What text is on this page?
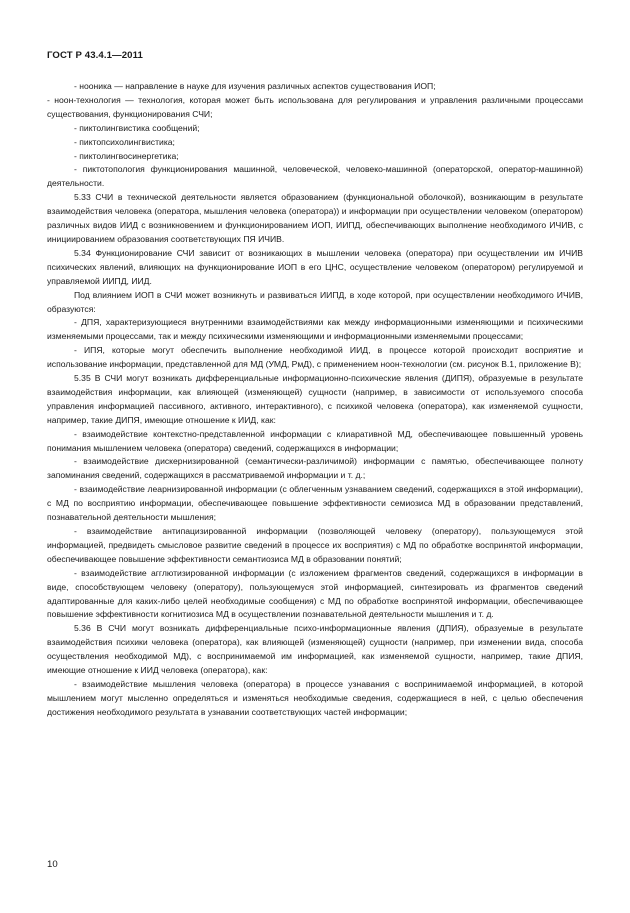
ГОСТ Р 43.4.1—2011

- нооника — направление в науке для изучения различных аспектов существования ИОП;

- ноон-технология — технология, которая может быть использована для регулирования и управления различными процессами существования, функционирования СЧИ;

- пиктолингвистика сообщений;

- пиктопсихолингвистика;

- пиктолингвосинергетика;

- пиктотопология функционирования машинной, человеческой, человеко-машинной (операторской, оператор-машинной) деятельности.

5.33 СЧИ в технической деятельности является образованием (функциональной оболочкой), возникающим в результате взаимодействия человека (оператора, мышления человека (оператора)) и информации при осуществлении человеком (оператором) различных видов ИИД с возникновением и функционированием ИОП, ИИПД, обеспечивающих выполнение необходимого ИЧИВ, с инициированием образования соответствующих ПЯ ИЧИВ.

5.34 Функционирование СЧИ зависит от возникающих в мышлении человека (оператора) при осуществлении им ИЧИВ психических явлений, влияющих на функционирование ИОП в его ЦНС, осуществление человеком (оператором) регулируемой и управляемой ИИПД, ИИД.

Под влиянием ИОП в СЧИ может возникнуть и развиваться ИИПД, в ходе которой, при осуществлении необходимого ИЧИВ, образуются:

- ДПЯ, характеризующиеся внутренними взаимодействиями как между информационными изменяющими и психическими изменяемыми процессами, так и между психическими изменяющими и информационными изменяемыми процессами;

- ИПЯ, которые могут обеспечить выполнение необходимой ИИД, в процессе которой происходит восприятие и использование информации, представленной для МД (УМД, РмД), с применением ноон-технологии (см. рисунок В.1, приложение В);

5.35 В СЧИ могут возникать дифференциальные информационно-психические явления (ДИПЯ), образуемые в результате взаимодействия информации, как влияющей (изменяющей) сущности (например, в зависимости от используемого способа управления информацией пассивного, активного, интерактивного), с психикой человека (оператора), как изменяемой сущности, например, такие ДИПЯ, имеющие отношение к ИИД, как:

- взаимодействие контекстно-представленной информации с клиаративной МД, обеспечивающее повышенный уровень понимания мышлением человека (оператора) сведений, содержащихся в информации;

- взаимодействие дискернизированной (семантически-различимой) информации с памятью, обеспечивающее полноту запоминания сведений, содержащихся в рассматриваемой информации и т. д.;

- взаимодействие леарнизированной информации (с облегченным узнаванием сведений, содержащихся в этой информации), с МД по восприятию информации, обеспечивающее повышение эффективности семиозиса МД в образовании представлений, познавательной деятельности мышления;

- взаимодействие антипацизированной информации (позволяющей человеку (оператору), пользующемуся этой информацией, предвидеть смысловое развитие сведений в процессе их восприятия) с МД по обработке воспринятой информации, обеспечивающее повышение эффективности семантиозиса МД в образовании понятий;

- взаимодействие агглютизированной информации (с изложением фрагментов сведений, содержащихся в информации в виде, способствующем человеку (оператору), пользующемуся этой информацией, синтезировать из фрагментов сведений адаптированные для каких-либо целей необходимые сообщения) с МД по обработке воспринятой информации, обеспечивающее повышение эффективности когнитиозиса МД в осуществлении познавательной деятельности мышления и т. д.

5.36 В СЧИ могут возникать дифференциальные психо-информационные явления (ДПИЯ), образуемые в результате взаимодействия психики человека (оператора), как влияющей (изменяющей) сущности (например, при изменении вида, способа осуществления необходимой МД), с воспринимаемой им информацией, как изменяемой сущности, например, такие ДПИЯ, имеющие отношение к ИИД человека (оператора), как:

- взаимодействие мышления человека (оператора) в процессе узнавания с воспринимаемой информацией, в которой мышлением могут мысленно определяться и изменяться необходимые сведения, содержащиеся в ней, с целью обеспечения достижения необходимого результата в узнавании соответствующих частей информации;

10
